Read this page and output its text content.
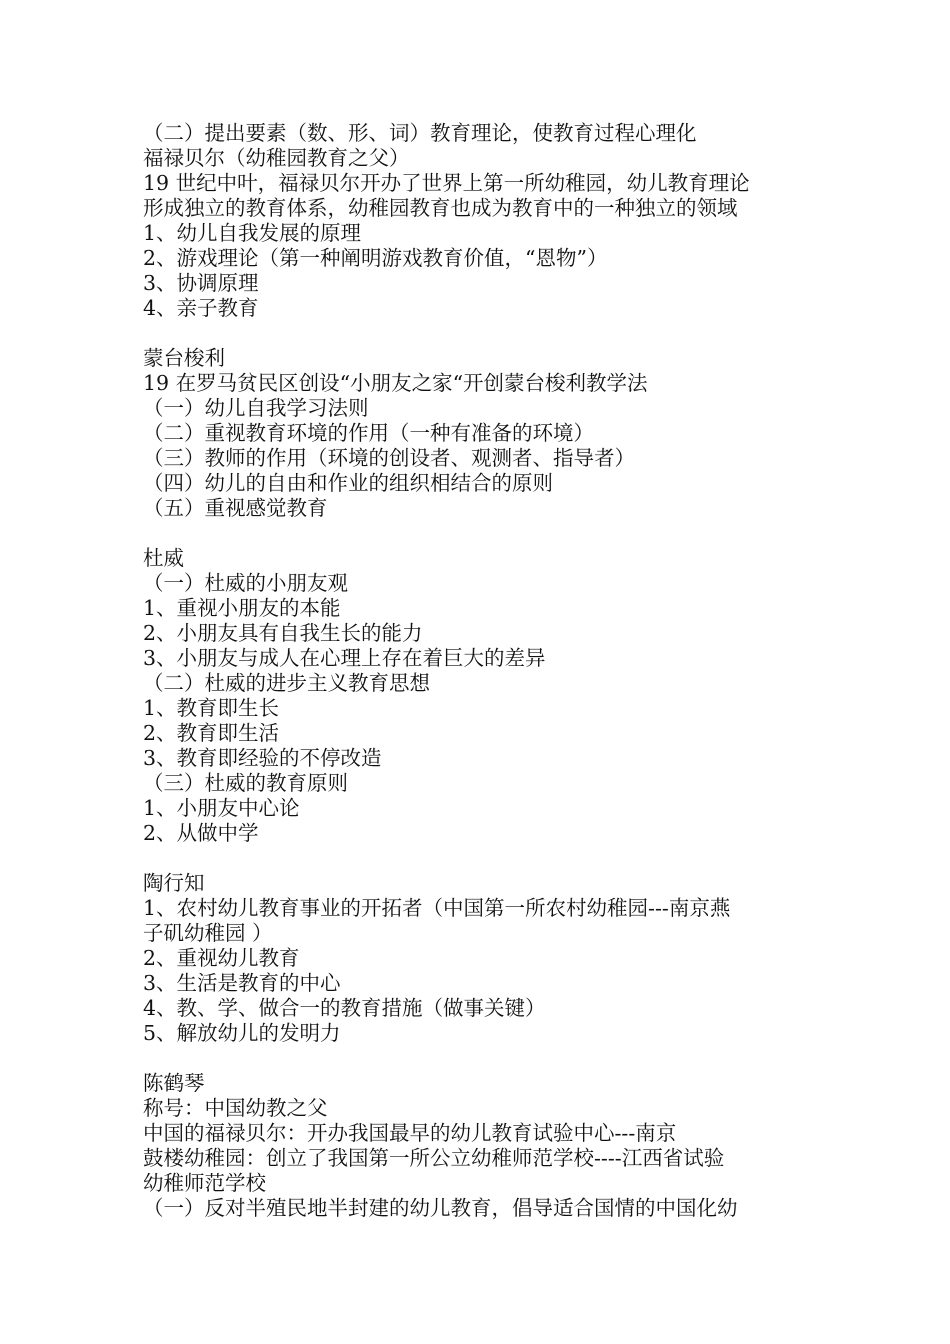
（二）提出要素（数、形、词）教育理论，使教育过程心理化
福禄贝尔（幼稚园教育之父）
19 世纪中叶，福禄贝尔开办了世界上第一所幼稚园，幼儿教育理论
形成独立的教育体系，幼稚园教育也成为教育中的一种独立的领域
1、幼儿自我发展的原理
2、游戏理论（第一种阐明游戏教育价值，“恩物”）
3、协调原理
4、亲子教育
蒙台梭利
19 在罗马贫民区创设“小朋友之家“开创蒙台梭利教学法
（一）幼儿自我学习法则
（二）重视教育环境的作用（一种有准备的环境）
（三）教师的作用（环境的创设者、观测者、指导者）
（四）幼儿的自由和作业的组织相结合的原则
（五）重视感觉教育
杜威
（一）杜威的小朋友观
1、重视小朋友的本能
2、小朋友具有自我生长的能力
3、小朋友与成人在心理上存在着巨大的差异
（二）杜威的进步主义教育思想
1、教育即生长
2、教育即生活
3、教育即经验的不停改造
（三）杜威的教育原则
1、小朋友中心论
2、从做中学
陶行知
1、农村幼儿教育事业的开拓者（中国第一所农村幼稚园---南京燕
子矶幼稚园 ）
2、重视幼儿教育
3、生活是教育的中心
4、教、学、做合一的教育措施（做事关键）
5、解放幼儿的发明力
陈鹤琴
称号：中国幼教之父
中国的福禄贝尔：开办我国最早的幼儿教育试验中心---南京
鼓楼幼稚园：创立了我国第一所公立幼稚师范学校----江西省试验
幼稚师范学校
（一）反对半殖民地半封建的幼儿教育，倡导适合国情的中国化幼
